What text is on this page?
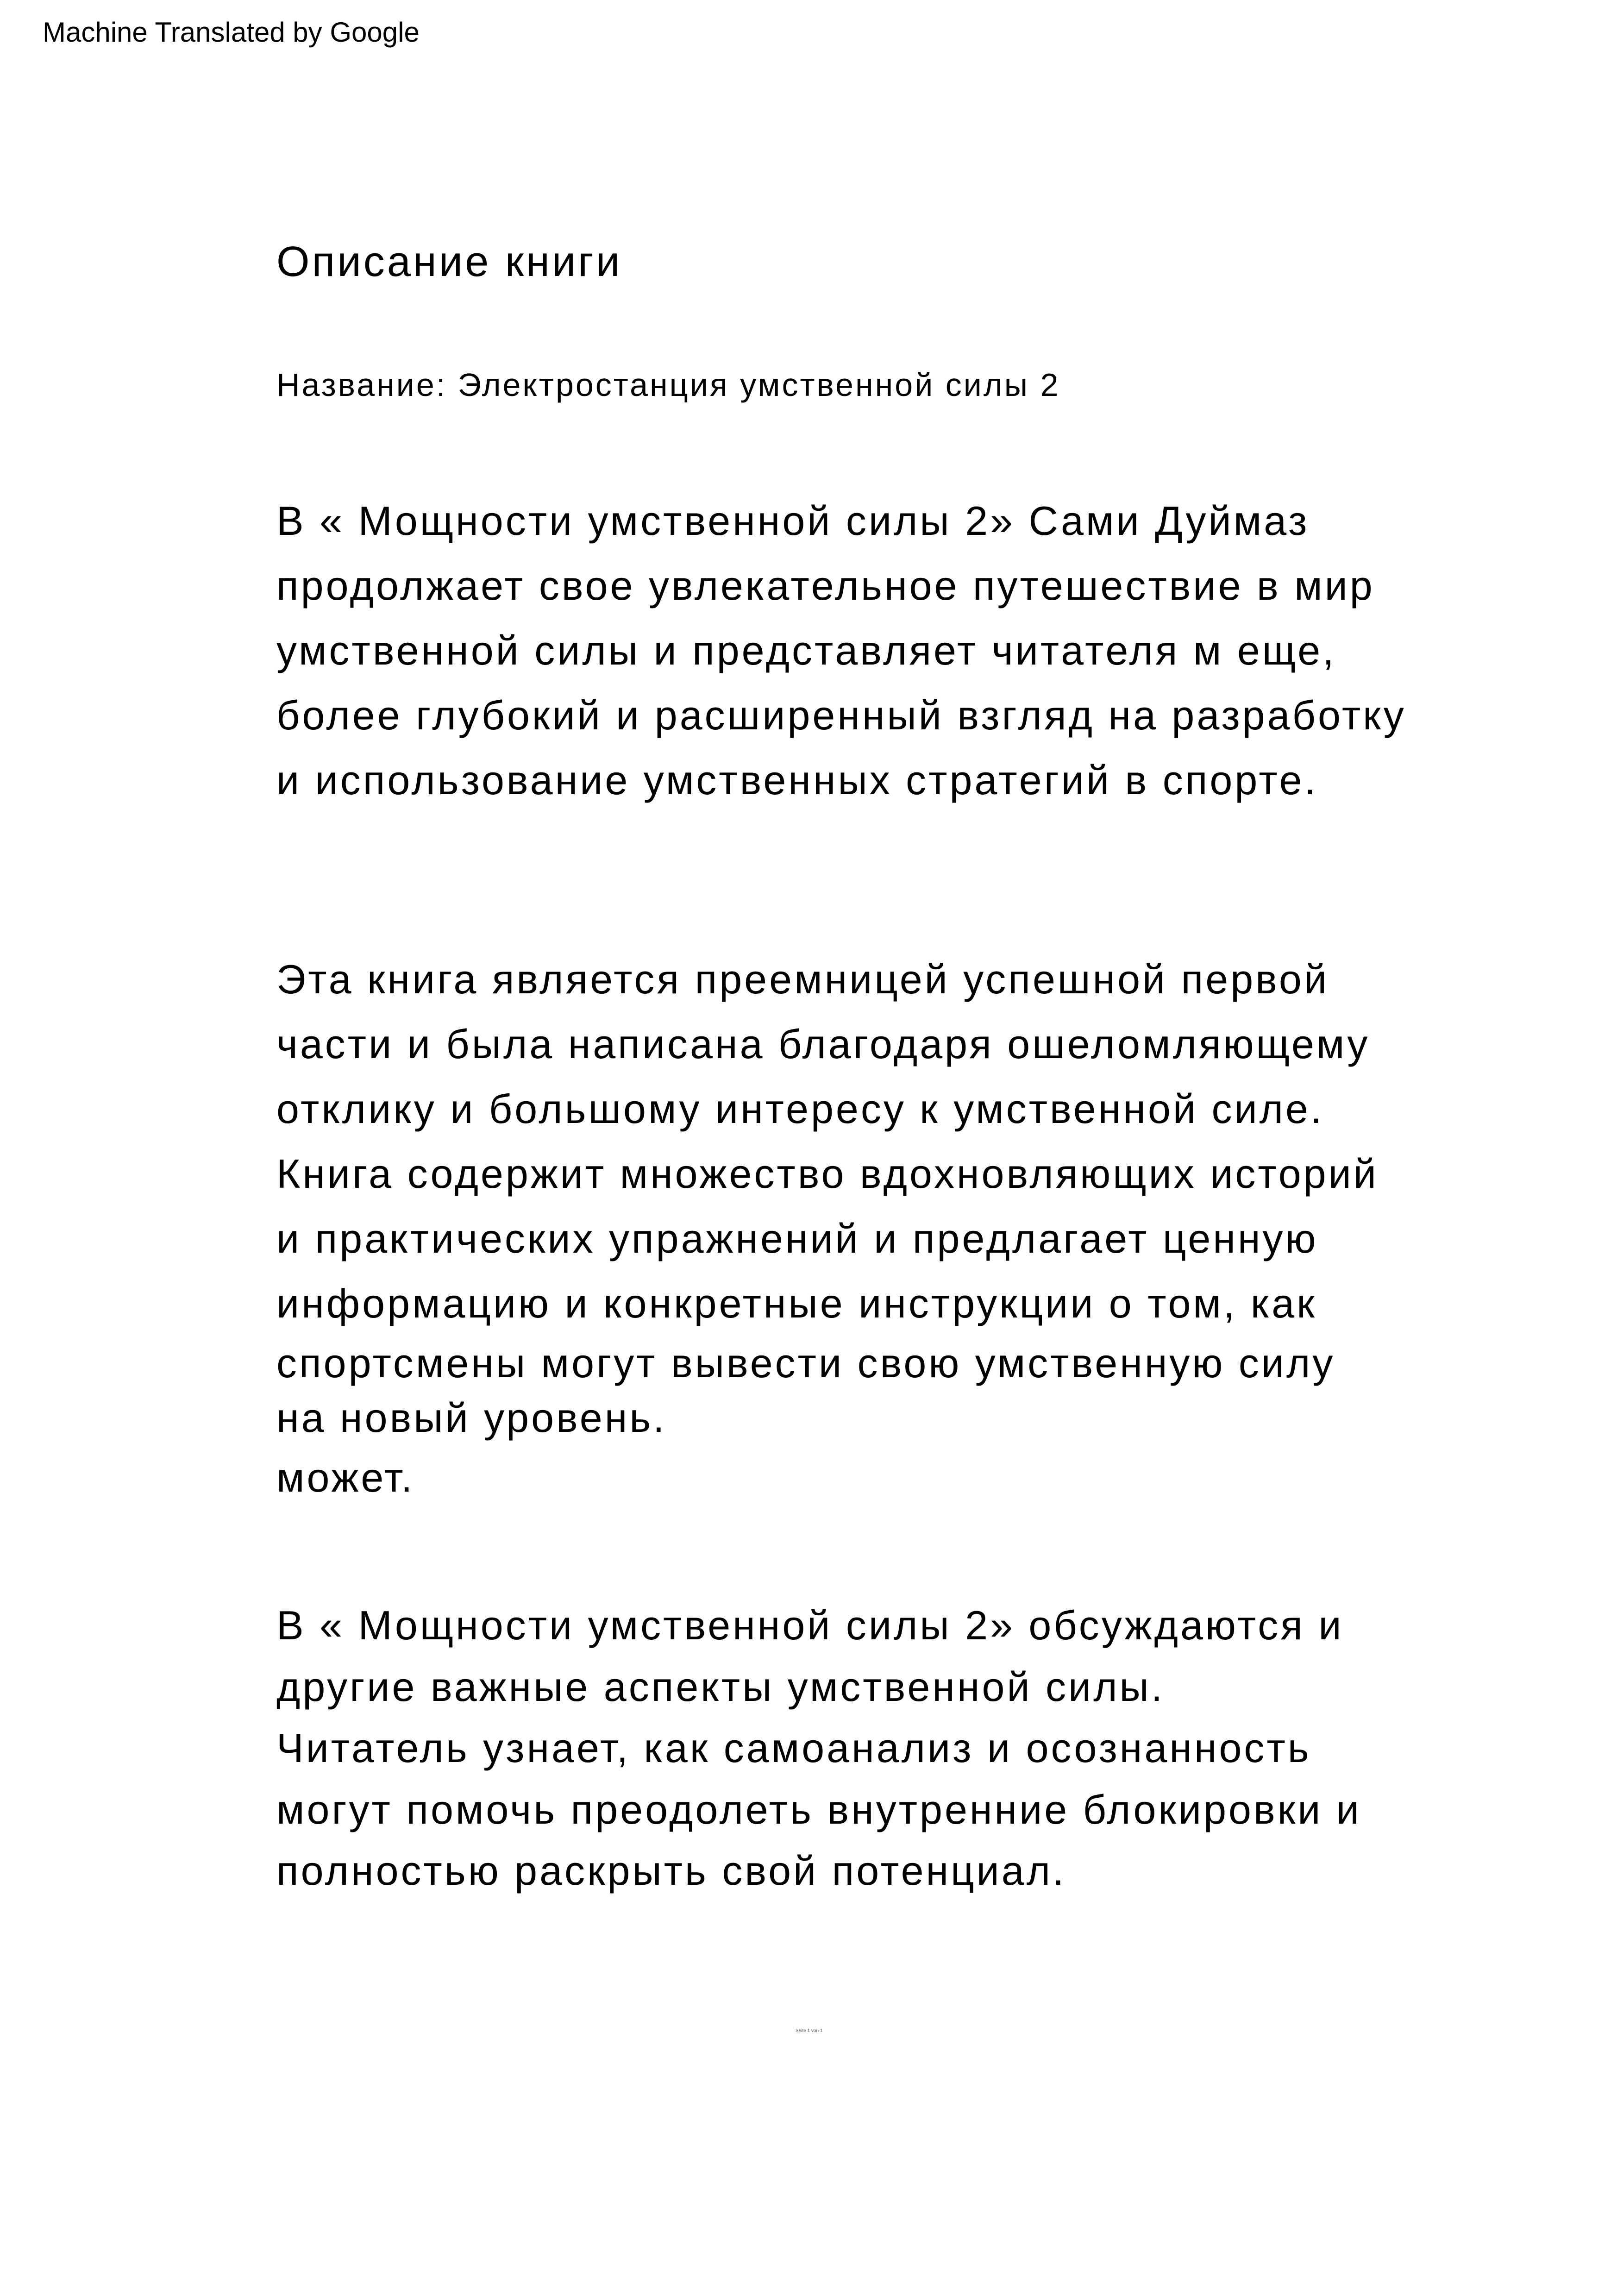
Machine Translated by Google
Описание книги
Название: Электростанция умственной силы 2
В « Мощности умственной силы 2» Сами Дуймаз
продолжает свое увлекательное путешествие в мир
умственной силы и представляет читателя м еще,
более глубокий и расширенный взгляд на разработку
и использование умственных стратегий в спорте.
Эта книга является преемницей успешной первой
части и была написана благодаря ошеломляющему
отклику и большому интересу к умственной силе.
Книга содержит множество вдохновляющих историй
и практических упражнений и предлагает ценную
информацию и конкретные инструкции о том, как
спортсмены могут вывести свою умственную силу
на новый уровень.
может.
В « Мощности умственной силы 2» обсуждаются и
другие важные аспекты умственной силы.
Читатель узнает, как самоанализ и осознанность
могут помочь преодолеть внутренние блокировки и
полностью раскрыть свой потенциал.
Seite 1 von 1
